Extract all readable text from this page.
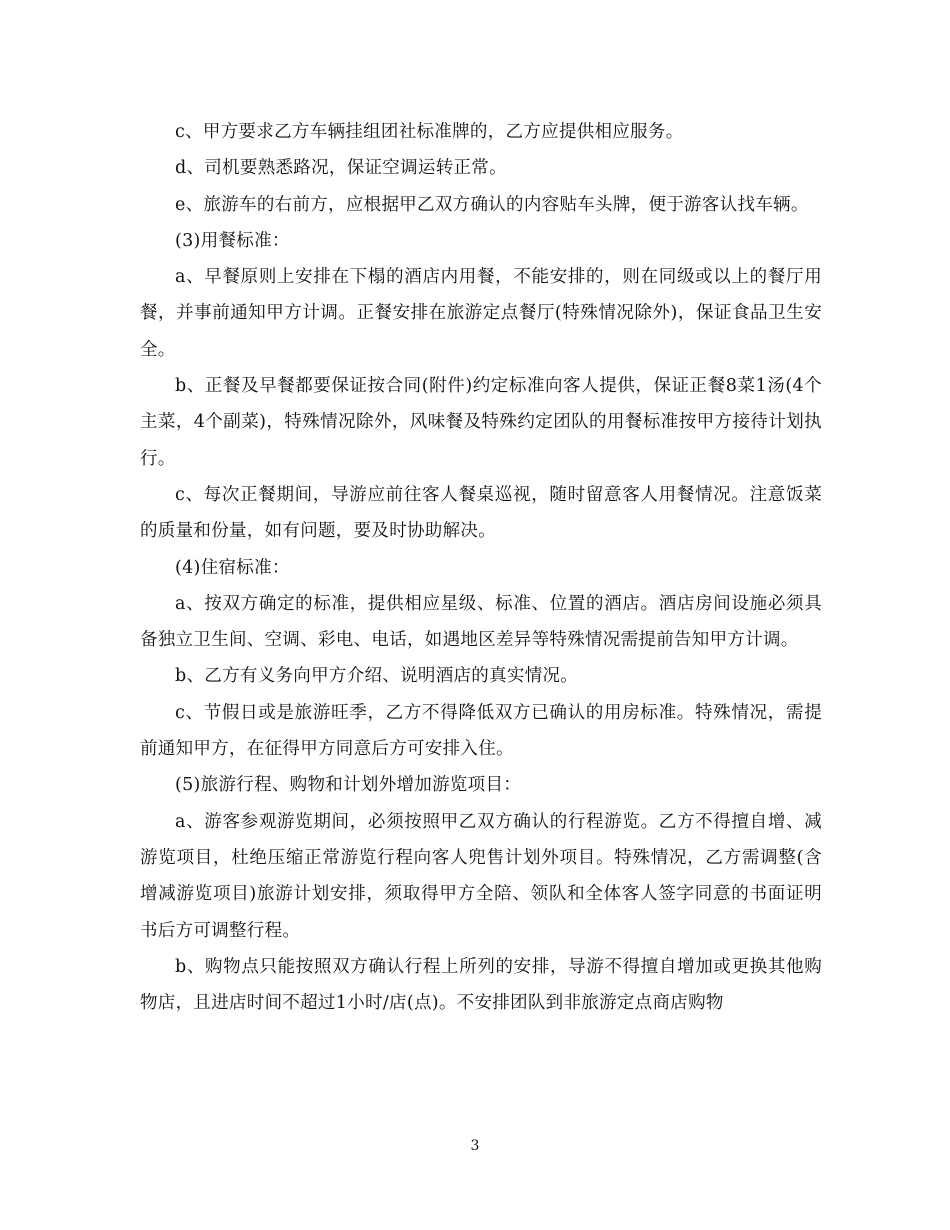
c、甲方要求乙方车辆挂组团社标准牌的，乙方应提供相应服务。

d、司机要熟悉路况，保证空调运转正常。

e、旅游车的右前方，应根据甲乙双方确认的内容贴车头牌，便于游客认找车辆。

(3)用餐标准：

a、早餐原则上安排在下榻的酒店内用餐，不能安排的，则在同级或以上的餐厅用餐，并事前通知甲方计调。正餐安排在旅游定点餐厅(特殊情况除外)，保证食品卫生安全。

b、正餐及早餐都要保证按合同(附件)约定标准向客人提供，保证正餐8菜1汤(4个主菜，4个副菜)，特殊情况除外，风味餐及特殊约定团队的用餐标准按甲方接待计划执行。

c、每次正餐期间，导游应前往客人餐桌巡视，随时留意客人用餐情况。注意饭菜的质量和份量，如有问题，要及时协助解决。

(4)住宿标准：

a、按双方确定的标准，提供相应星级、标准、位置的酒店。酒店房间设施必须具备独立卫生间、空调、彩电、电话，如遇地区差异等特殊情况需提前告知甲方计调。

b、乙方有义务向甲方介绍、说明酒店的真实情况。

c、节假日或是旅游旺季，乙方不得降低双方已确认的用房标准。特殊情况，需提前通知甲方，在征得甲方同意后方可安排入住。

(5)旅游行程、购物和计划外增加游览项目：

a、游客参观游览期间，必须按照甲乙双方确认的行程游览。乙方不得擅自增、减游览项目，杜绝压缩正常游览行程向客人兜售计划外项目。特殊情况，乙方需调整(含增减游览项目)旅游计划安排，须取得甲方全陪、领队和全体客人签字同意的书面证明书后方可调整行程。

b、购物点只能按照双方确认行程上所列的安排，导游不得擅自增加或更换其他购物店，且进店时间不超过1小时/店(点)。不安排团队到非旅游定点商店购物

3
